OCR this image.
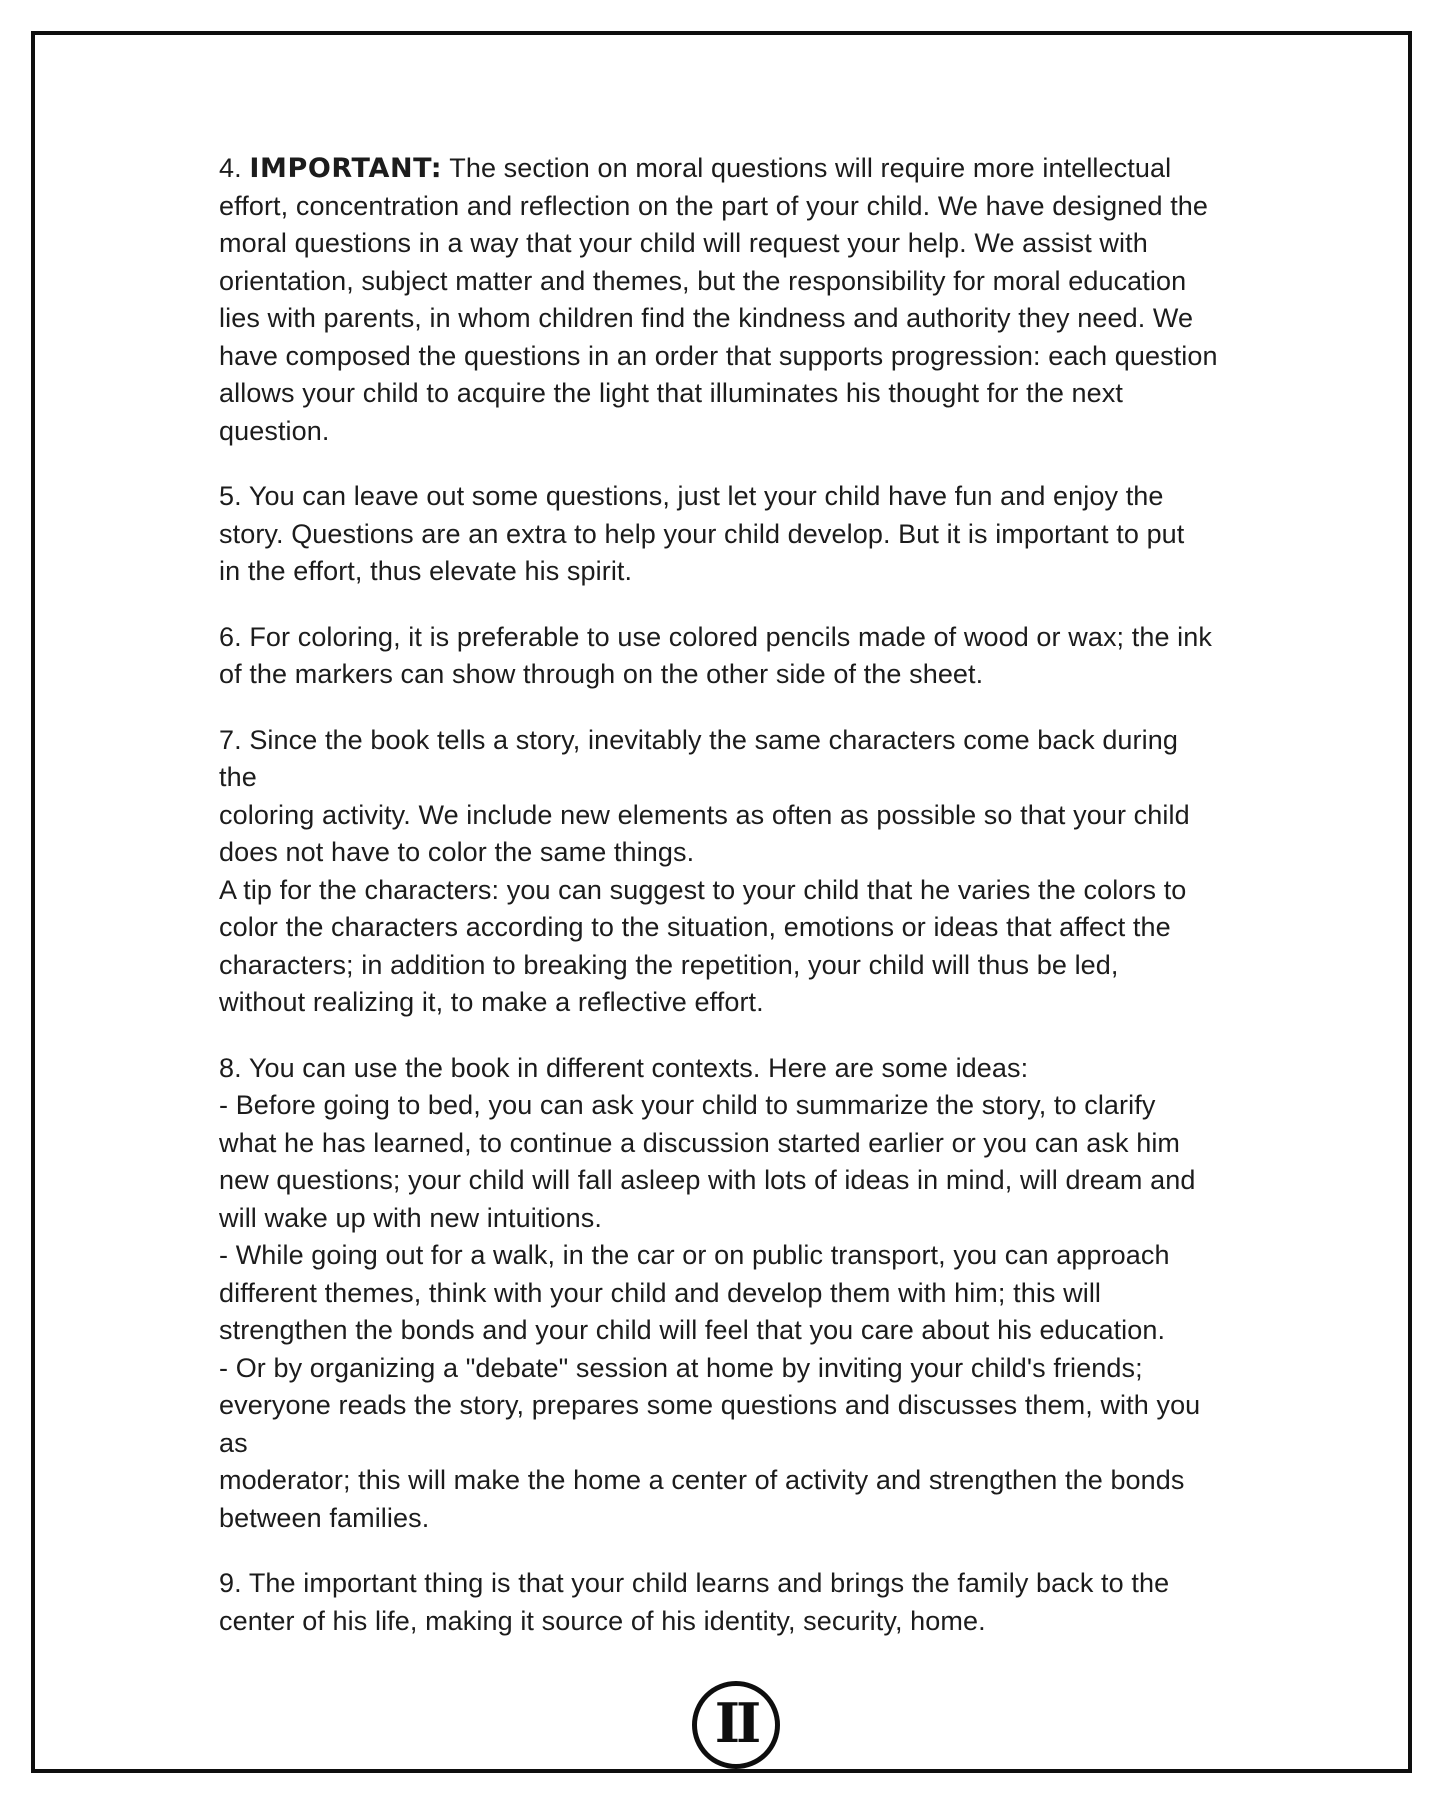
4. IMPORTANT: The section on moral questions will require more intellectual
effort, concentration and reflection on the part of your child. We have designed the
moral questions in a way that your child will request your help. We assist with
orientation, subject matter and themes, but the responsibility for moral education
lies with parents, in whom children find the kindness and authority they need. We
have composed the questions in an order that supports progression: each question
allows your child to acquire the light that illuminates his thought for the next
question.

5. You can leave out some questions, just let your child have fun and enjoy the
story. Questions are an extra to help your child develop. But it is important to put
in the effort, thus elevate his spirit.

6. For coloring, it is preferable to use colored pencils made of wood or wax; the ink
of the markers can show through on the other side of the sheet.

7. Since the book tells a story, inevitably the same characters come back during the
coloring activity. We include new elements as often as possible so that your child
does not have to color the same things.
A tip for the characters: you can suggest to your child that he varies the colors to
color the characters according to the situation, emotions or ideas that affect the
characters; in addition to breaking the repetition, your child will thus be led,
without realizing it, to make a reflective effort.

8. You can use the book in different contexts. Here are some ideas:
- Before going to bed, you can ask your child to summarize the story, to clarify
what he has learned, to continue a discussion started earlier or you can ask him
new questions; your child will fall asleep with lots of ideas in mind, will dream and
will wake up with new intuitions.
- While going out for a walk, in the car or on public transport, you can approach
different themes, think with your child and develop them with him; this will
strengthen the bonds and your child will feel that you care about his education.
- Or by organizing a "debate" session at home by inviting your child's friends;
everyone reads the story, prepares some questions and discusses them, with you as
moderator; this will make the home a center of activity and strengthen the bonds
between families.

9. The important thing is that your child learns and brings the family back to the
center of his life, making it source of his identity, security, home.

II
